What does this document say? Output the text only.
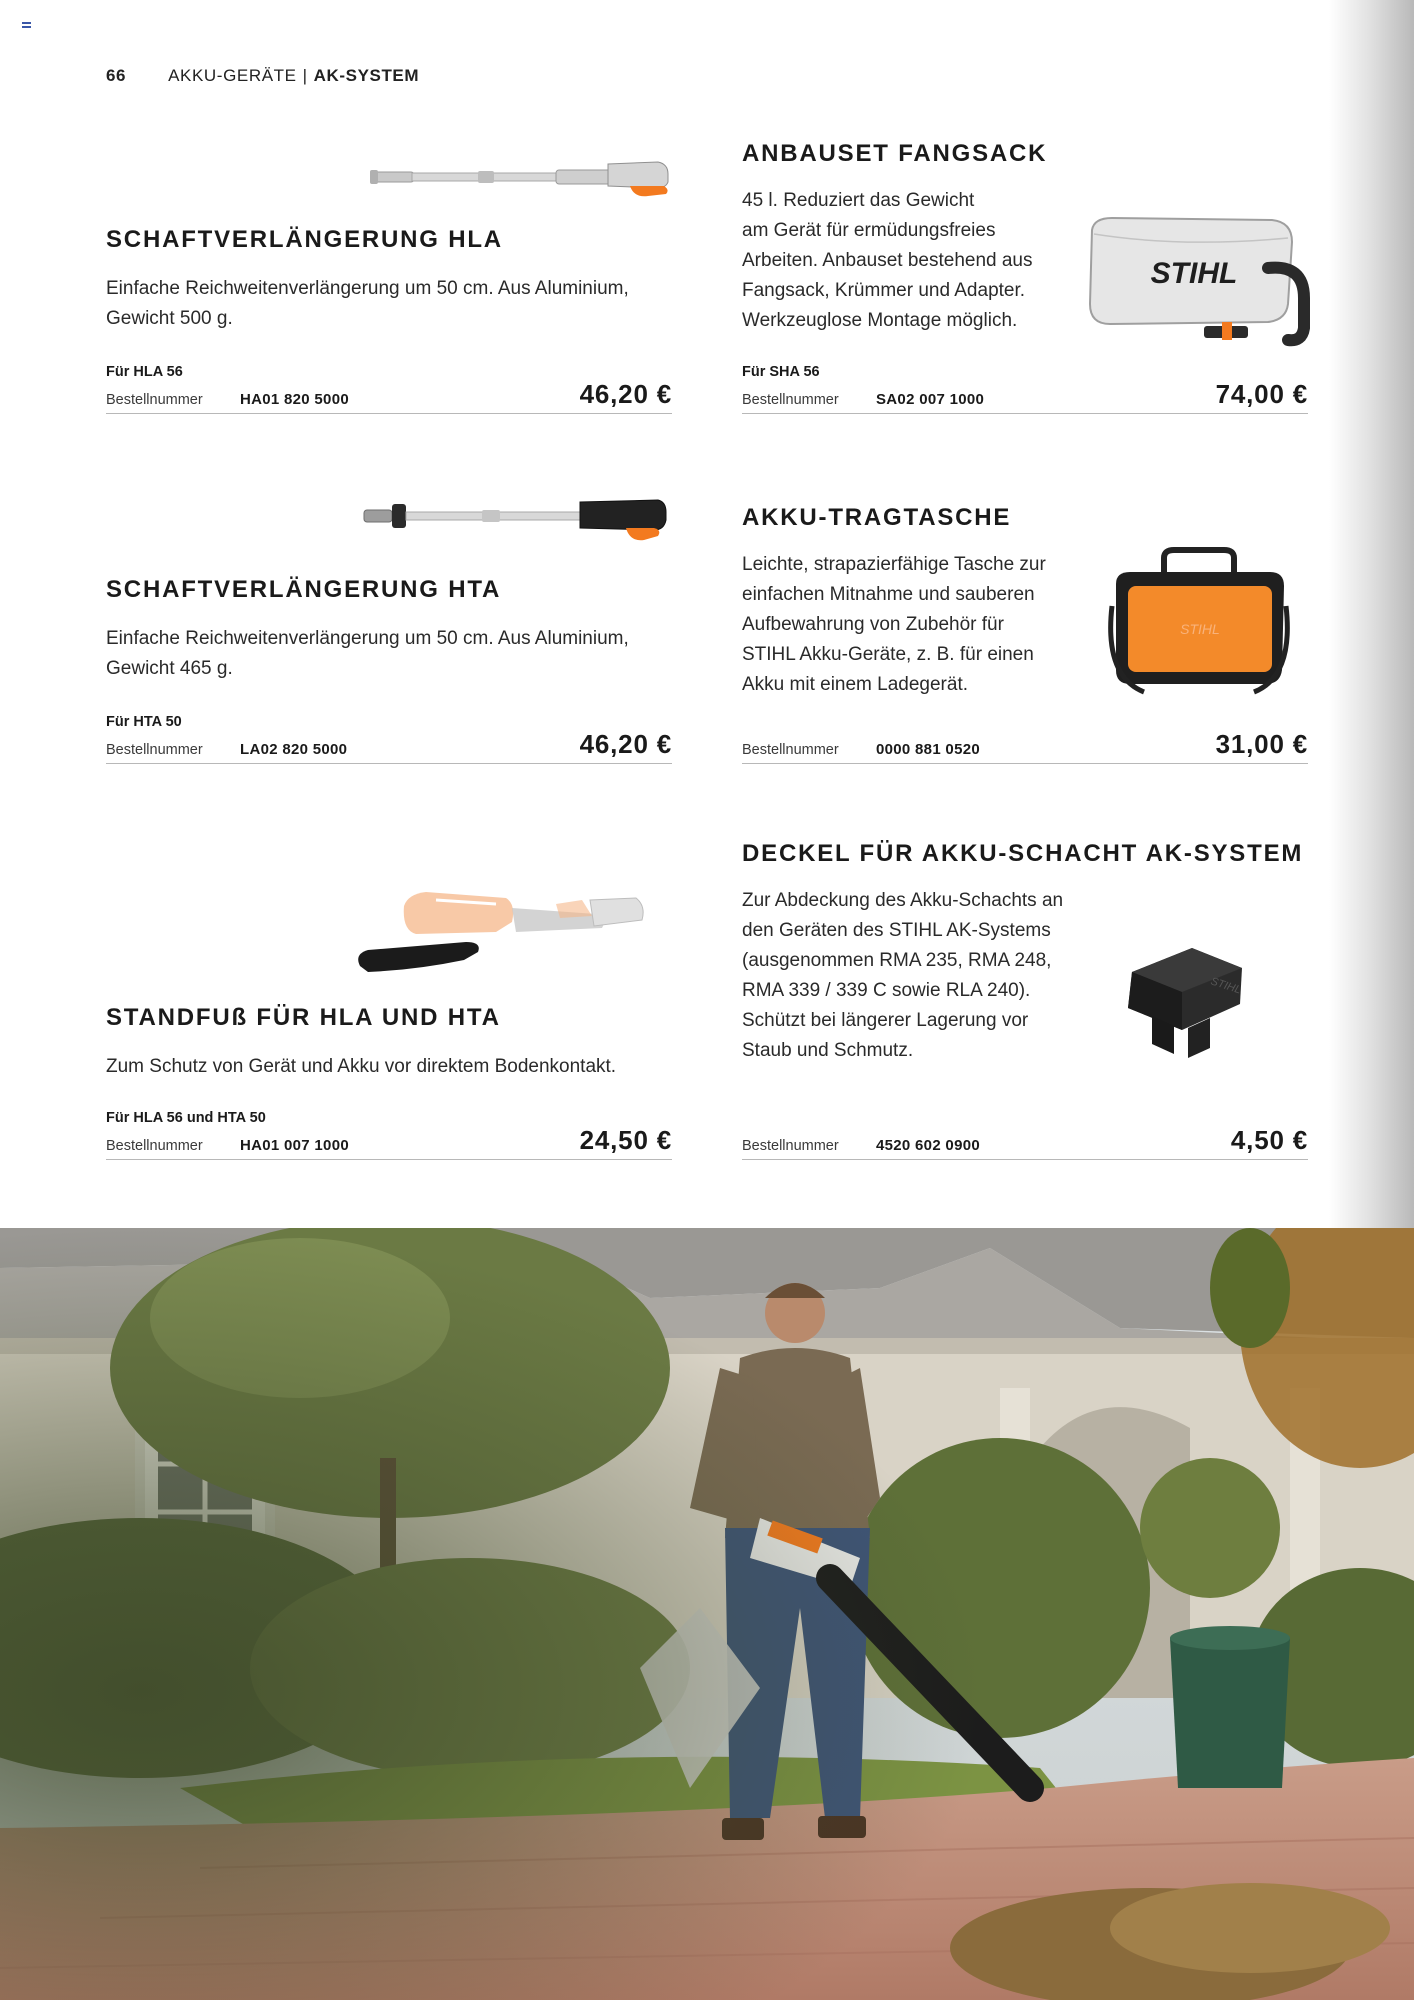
66 AKKU-GERÄTE | AK-SYSTEM
SCHAFTVERLÄNGERUNG HLA
Einfache Reichweitenverlängerung um 50 cm. Aus Aluminium,
Gewicht 500 g.
Für HLA 56
Bestellnummer HA01 820 5000	46,20 €
ANBAUSET FANGSACK
45 l. Reduziert das Gewicht
am Gerät für ermüdungsfreies
Arbeiten. Anbauset bestehend aus
Fangsack, Krümmer und Adapter.
Werkzeuglose Montage möglich.
STIHL
Für SHA 56
Bestellnummer SA02 007 1000	74,00 €
SCHAFTVERLÄNGERUNG HTA
Einfache Reichweitenverlängerung um 50 cm. Aus Aluminium,
Gewicht 465 g.
Für HTA 50
Bestellnummer LA02 820 5000	46,20 €
AKKU-TRAGTASCHE
Leichte, strapazierfähige Tasche zur
einfachen Mitnahme und sauberen
Aufbewahrung von Zubehör für
STIHL Akku-Geräte, z. B. für einen
Akku mit einem Ladegerät.
STIHL
Bestellnummer 0000 881 0520	31,00 €
STANDFUß FÜR HLA UND HTA
Zum Schutz von Gerät und Akku vor direktem Bodenkontakt.
Für HLA 56 und HTA 50
Bestellnummer HA01 007 1000	24,50 €
DECKEL FÜR AKKU-SCHACHT AK-SYSTEM
Zur Abdeckung des Akku-Schachts an
den Geräten des STIHL AK-Systems
(ausgenommen RMA 235, RMA 248,
RMA 339 / 339 C sowie RLA 240).
Schützt bei längerer Lagerung vor
Staub und Schmutz.
STIHL
Bestellnummer 4520 602 0900	4,50 €
